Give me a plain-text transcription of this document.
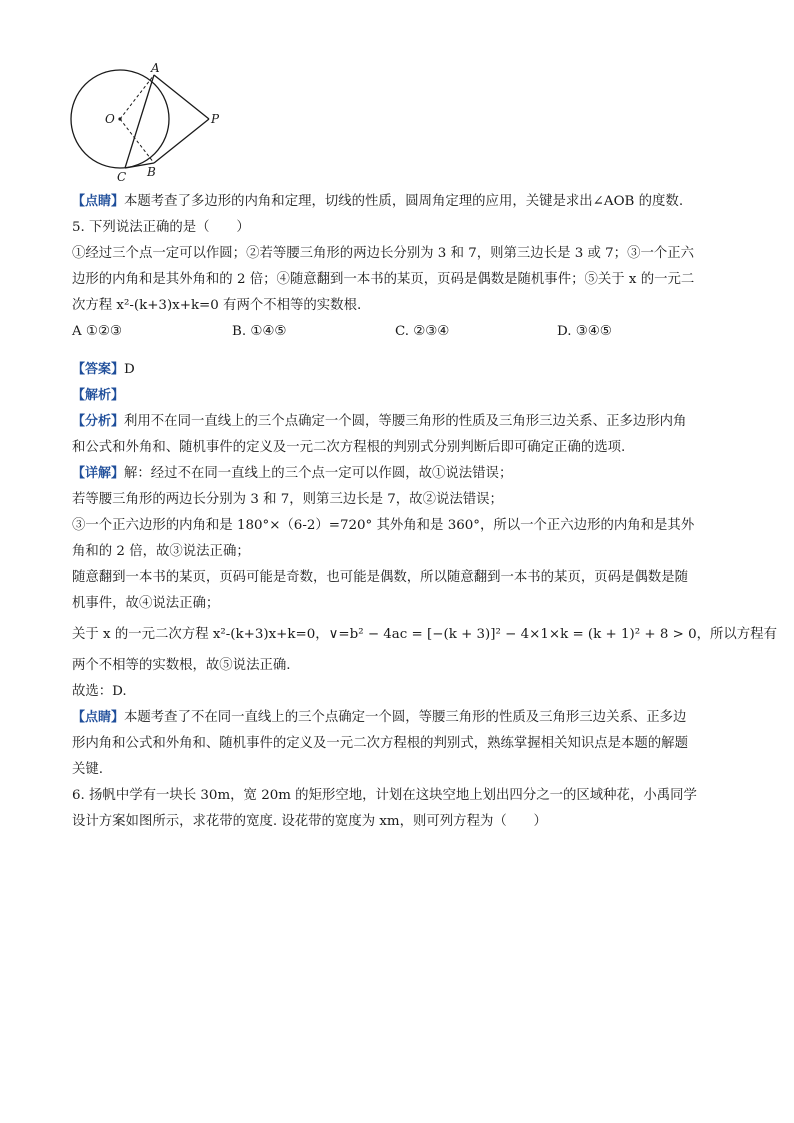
A
O	P
B
C
【点睛】本题考查了多边形的内角和定理，切线的性质，圆周角定理的应用，关键是求出∠AOB 的度数.
5. 下列说法正确的是（　　）
①经过三个点一定可以作圆；②若等腰三角形的两边长分别为 3 和 7，则第三边长是 3 或 7；③一个正六
边形的内角和是其外角和的 2 倍；④随意翻到一本书的某页，页码是偶数是随机事件；⑤关于 x 的一元二
次方程 x²-(k+3)x+k=0 有两个不相等的实数根.
A ①②③	B. ①④⑤	C. ②③④	D. ③④⑤
【答案】D
【解析】
【分析】利用不在同一直线上的三个点确定一个圆，等腰三角形的性质及三角形三边关系、正多边形内角
和公式和外角和、随机事件的定义及一元二次方程根的判别式分别判断后即可确定正确的选项.
【详解】解：经过不在同一直线上的三个点一定可以作圆，故①说法错误；
若等腰三角形的两边长分别为 3 和 7，则第三边长是 7，故②说法错误；
③一个正六边形的内角和是 180°×（6-2）=720° 其外角和是 360°，所以一个正六边形的内角和是其外
角和的 2 倍，故③说法正确；
随意翻到一本书的某页，页码可能是奇数，也可能是偶数，所以随意翻到一本书的某页，页码是偶数是随
机事件，故④说法正确；
关于 x 的一元二次方程 x²-(k+3)x+k=0，∨=b² − 4ac = [−(k + 3)]² − 4×1×k = (k + 1)² + 8 > 0，所以方程有
两个不相等的实数根，故⑤说法正确.
故选：D.
【点睛】本题考查了不在同一直线上的三个点确定一个圆，等腰三角形的性质及三角形三边关系、正多边
形内角和公式和外角和、随机事件的定义及一元二次方程根的判别式，熟练掌握相关知识点是本题的解题
关键.
6. 扬帆中学有一块长 30m，宽 20m 的矩形空地，计划在这块空地上划出四分之一的区域种花，小禹同学
设计方案如图所示，求花带的宽度. 设花带的宽度为 xm，则可列方程为（　　）
